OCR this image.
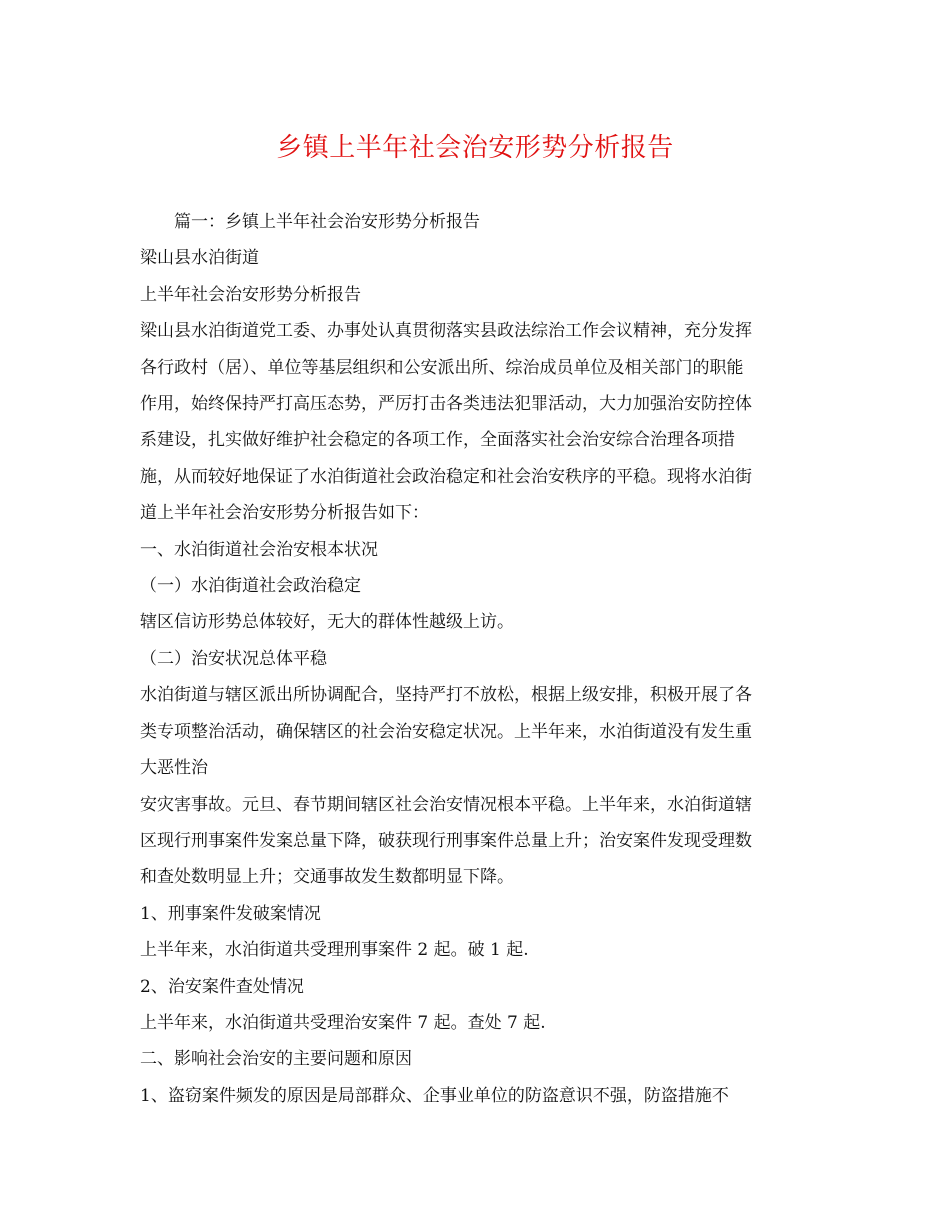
乡镇上半年社会治安形势分析报告

篇一：乡镇上半年社会治安形势分析报告

梁山县水泊街道

上半年社会治安形势分析报告

梁山县水泊街道党工委、办事处认真贯彻落实县政法综治工作会议精神，充分发挥

各行政村（居）、单位等基层组织和公安派出所、综治成员单位及相关部门的职能

作用，始终保持严打高压态势，严厉打击各类违法犯罪活动，大力加强治安防控体

系建设，扎实做好维护社会稳定的各项工作，全面落实社会治安综合治理各项措

施，从而较好地保证了水泊街道社会政治稳定和社会治安秩序的平稳。现将水泊街

道上半年社会治安形势分析报告如下：

一、水泊街道社会治安根本状况

（一）水泊街道社会政治稳定

辖区信访形势总体较好，无大的群体性越级上访。

（二）治安状况总体平稳

水泊街道与辖区派出所协调配合，坚持严打不放松，根据上级安排，积极开展了各

类专项整治活动，确保辖区的社会治安稳定状况。上半年来，水泊街道没有发生重

大恶性治

安灾害事故。元旦、春节期间辖区社会治安情况根本平稳。上半年来，水泊街道辖

区现行刑事案件发案总量下降，破获现行刑事案件总量上升；治安案件发现受理数

和查处数明显上升；交通事故发生数都明显下降。

1、刑事案件发破案情况

上半年来，水泊街道共受理刑事案件 2 起。破 1 起.

2、治安案件查处情况

上半年来，水泊街道共受理治安案件 7 起。查处 7 起.

二、影响社会治安的主要问题和原因

1、盗窃案件频发的原因是局部群众、企事业单位的防盗意识不强，防盗措施不
